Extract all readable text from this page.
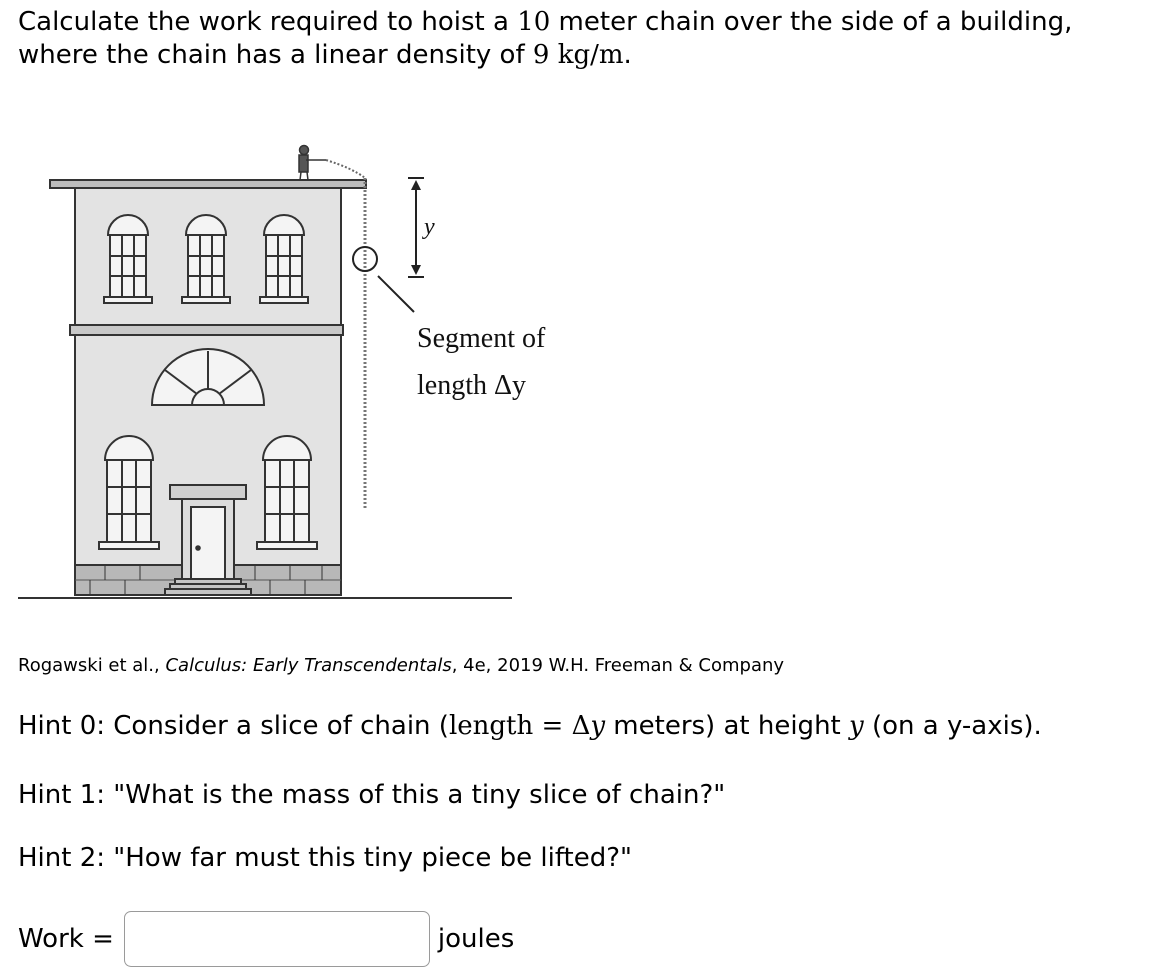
Calculate the work required to hoist a 10 meter chain over the side of a building,
where the chain has a linear density of 9 kg/m.

y
Segment of
length Δy

Rogawski et al., Calculus: Early Transcendentals, 4e, 2019 W.H. Freeman & Company

Hint 0: Consider a slice of chain (length = Δy meters) at height y (on a y-axis).

Hint 1: "What is the mass of this a tiny slice of chain?"

Hint 2: "How far must this tiny piece be lifted?"

Work =	joules
